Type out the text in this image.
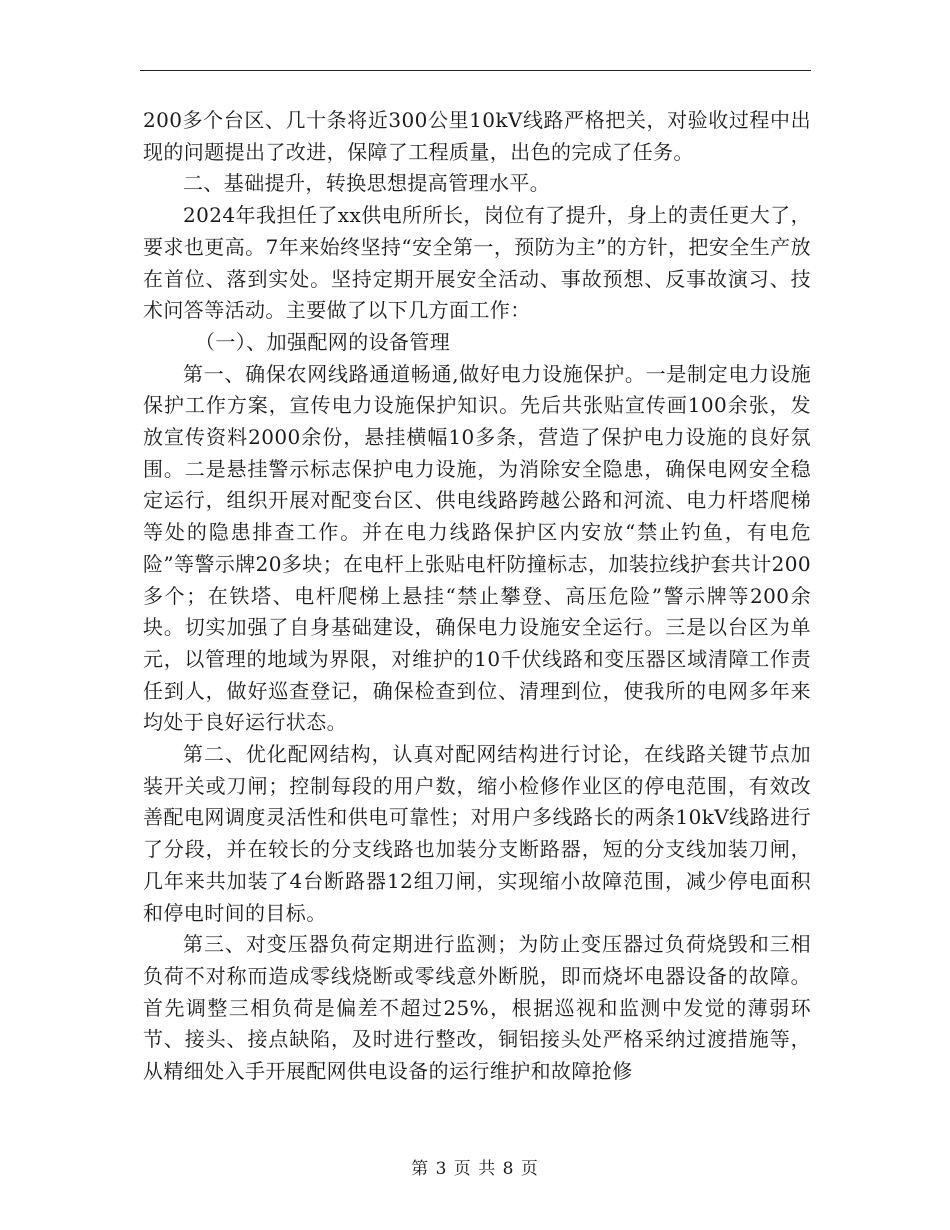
200多个台区、几十条将近300公里10kV线路严格把关，对验收过程中出现的问题提出了改进，保障了工程质量，出色的完成了任务。

二、基础提升，转换思想提高管理水平。

2024年我担任了xx供电所所长，岗位有了提升，身上的责任更大了，要求也更高。7年来始终坚持“安全第一，预防为主”的方针，把安全生产放在首位、落到实处。坚持定期开展安全活动、事故预想、反事故演习、技术问答等活动。主要做了以下几方面工作：

（一）、加强配网的设备管理

第一、确保农网线路通道畅通,做好电力设施保护。一是制定电力设施保护工作方案，宣传电力设施保护知识。先后共张贴宣传画100余张，发放宣传资料2000余份，悬挂横幅10多条，营造了保护电力设施的良好氛围。二是悬挂警示标志保护电力设施，为消除安全隐患，确保电网安全稳定运行，组织开展对配变台区、供电线路跨越公路和河流、电力杆塔爬梯等处的隐患排查工作。并在电力线路保护区内安放“禁止钓鱼，有电危险”等警示牌20多块；在电杆上张贴电杆防撞标志，加装拉线护套共计200多个；在铁塔、电杆爬梯上悬挂“禁止攀登、高压危险”警示牌等200余块。切实加强了自身基础建设，确保电力设施安全运行。三是以台区为单元，以管理的地域为界限，对维护的10千伏线路和变压器区域清障工作责任到人，做好巡查登记，确保检查到位、清理到位，使我所的电网多年来均处于良好运行状态。

第二、优化配网结构，认真对配网结构进行讨论，在线路关键节点加装开关或刀闸；控制每段的用户数，缩小检修作业区的停电范围，有效改善配电网调度灵活性和供电可靠性；对用户多线路长的两条10kV线路进行了分段，并在较长的分支线路也加装分支断路器，短的分支线加装刀闸，几年来共加装了4台断路器12组刀闸，实现缩小故障范围，减少停电面积和停电时间的目标。

第三、对变压器负荷定期进行监测；为防止变压器过负荷烧毁和三相负荷不对称而造成零线烧断或零线意外断脱，即而烧坏电器设备的故障。首先调整三相负荷是偏差不超过25%，根据巡视和监测中发觉的薄弱环节、接头、接点缺陷，及时进行整改，铜铝接头处严格采纳过渡措施等，从精细处入手开展配网供电设备的运行维护和故障抢修

第 3 页 共 8 页
